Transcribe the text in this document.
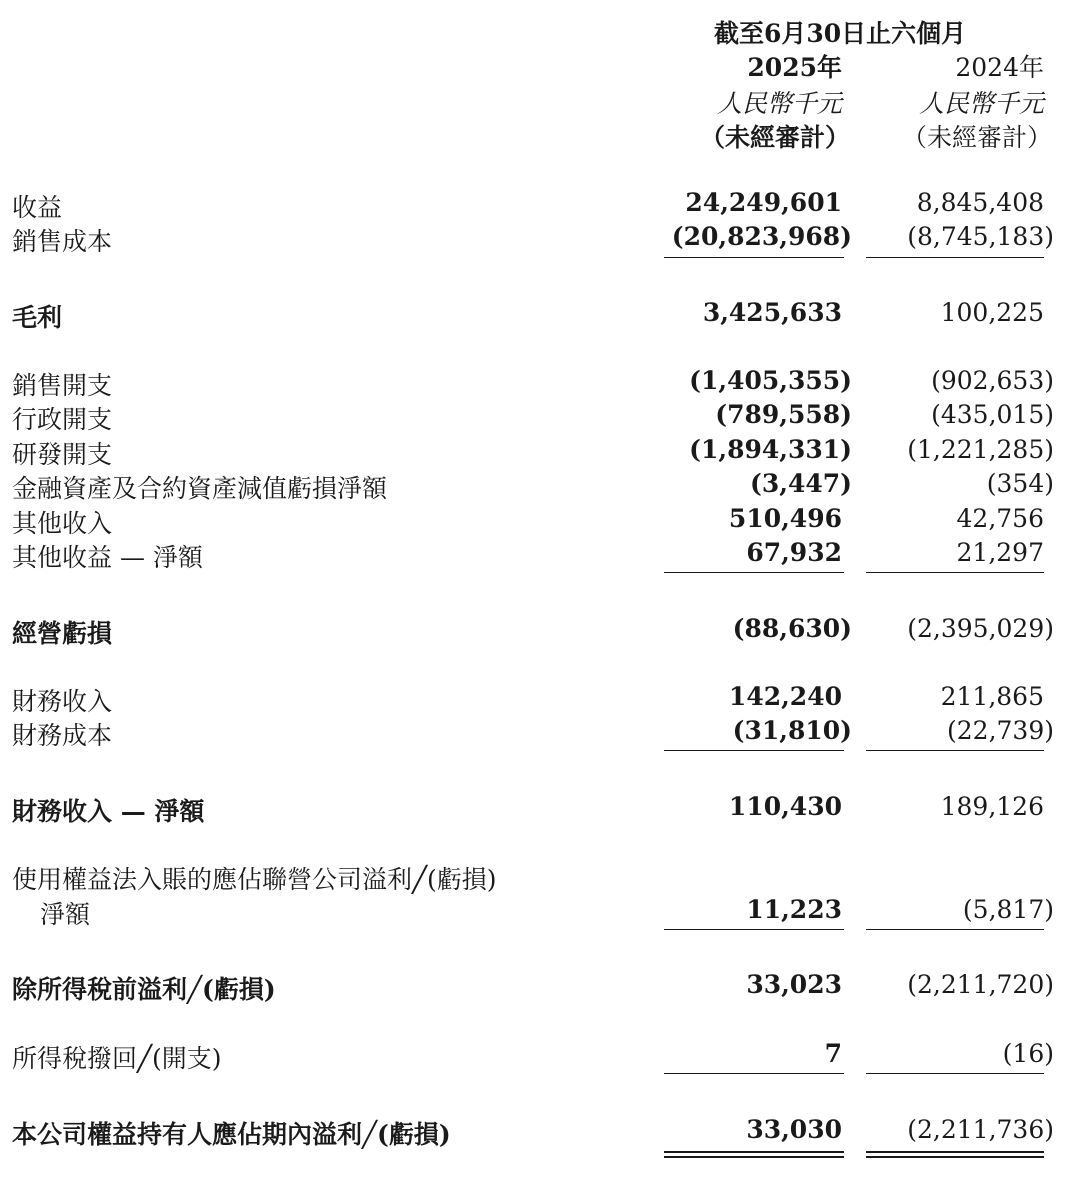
截至6月30日止六個月
2025年	2024年
人民幣千元	人民幣千元
（未經審計） （未經審計）
收益	24,249,601	8,845,408
銷售成本	(20,823,968) (8,745,183)
毛利	3,425,633	100,225
銷售開支	(1,405,355)	(902,653)
行政開支	(789,558)	(435,015)
研發開支	(1,894,331) (1,221,285)
金融資產及合約資產減值虧損淨額	(3,447)	(354)
其他收入	510,496	42,756
其他收益 — 淨額	67,932	21,297
經營虧損	(88,630) (2,395,029)
財務收入	142,240	211,865
財務成本	(31,810)	(22,739)
財務收入 — 淨額	110,430	189,126
使用權益法入賬的應佔聯營公司溢利╱(虧損)
淨額	11,223	(5,817)
除所得稅前溢利╱(虧損)	33,023	(2,211,720)
所得稅撥回╱(開支)	7	(16)
本公司權益持有人應佔期內溢利╱(虧損)	33,030	(2,211,736)
